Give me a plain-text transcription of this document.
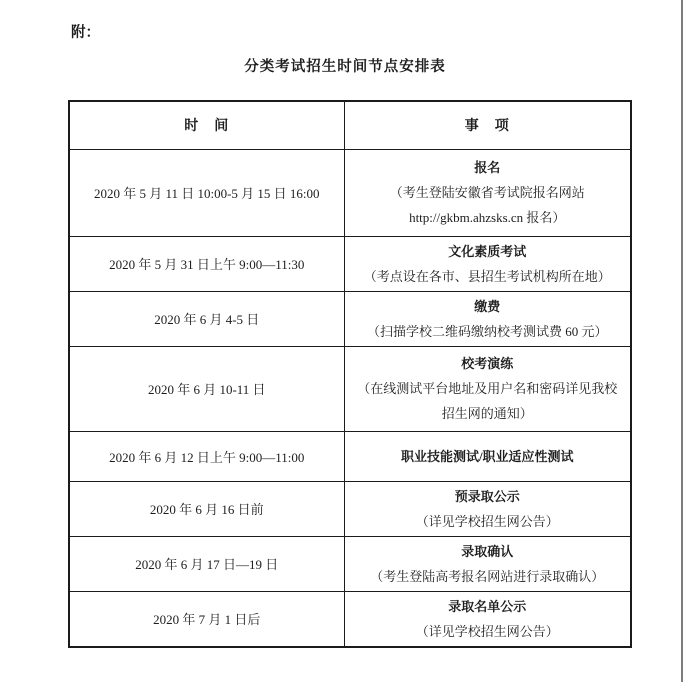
附：
分类考试招生时间节点安排表
时　间	事　项
2020 年 5 月 11 日 10:00-5 月 15 日 16:00	报名
（考生登陆安徽省考试院报名网站
http://gkbm.ahzsks.cn 报名）

2020 年 5 月 31 日上午 9:00—11:30	文化素质考试
（考点设在各市、县招生考试机构所在地）

2020 年 6 月 4-5 日	缴费
（扫描学校二维码缴纳校考测试费 60 元）

2020 年 6 月 10-11 日	校考演练
（在线测试平台地址及用户名和密码详见我校
招生网的通知）

2020 年 6 月 12 日上午 9:00—11:00	职业技能测试/职业适应性测试

2020 年 6 月 16 日前	预录取公示
（详见学校招生网公告）

2020 年 6 月 17 日—19 日	录取确认
（考生登陆高考报名网站进行录取确认）

2020 年 7 月 1 日后	录取名单公示
（详见学校招生网公告）
